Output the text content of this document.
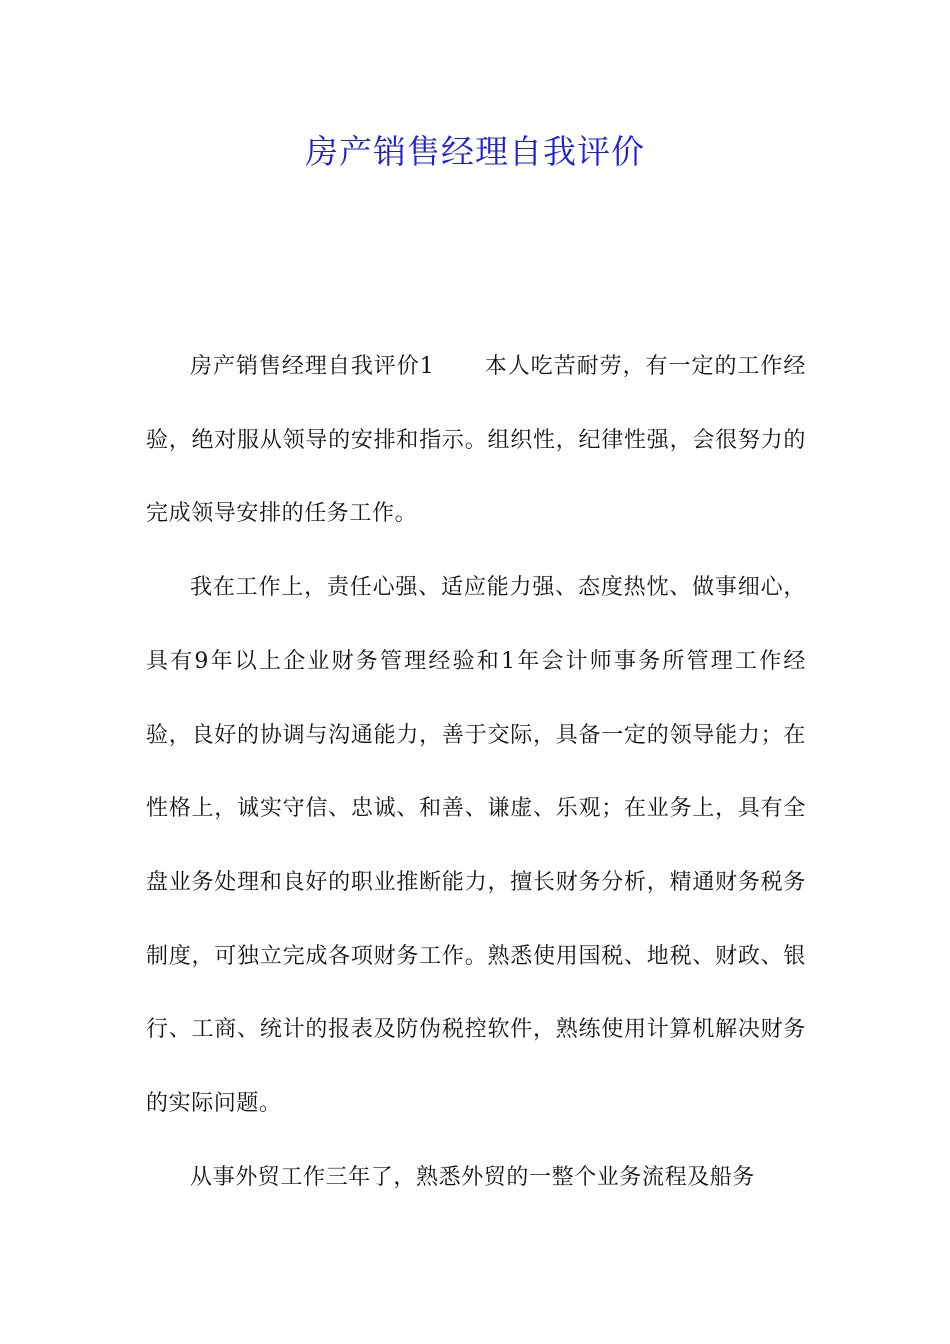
房产销售经理自我评价

房产销售经理自我评价1 本人吃苦耐劳，有一定的工作经验，绝对服从领导的安排和指示。组织性，纪律性强，会很努力的完成领导安排的任务工作。

我在工作上，责任心强、适应能力强、态度热忱、做事细心，具有9年以上企业财务管理经验和1年会计师事务所管理工作经验，良好的协调与沟通能力，善于交际，具备一定的领导能力；在性格上，诚实守信、忠诚、和善、谦虚、乐观；在业务上，具有全盘业务处理和良好的职业推断能力，擅长财务分析，精通财务税务制度，可独立完成各项财务工作。熟悉使用国税、地税、财政、银行、工商、统计的报表及防伪税控软件，熟练使用计算机解决财务的实际问题。

从事外贸工作三年了，熟悉外贸的一整个业务流程及船务
